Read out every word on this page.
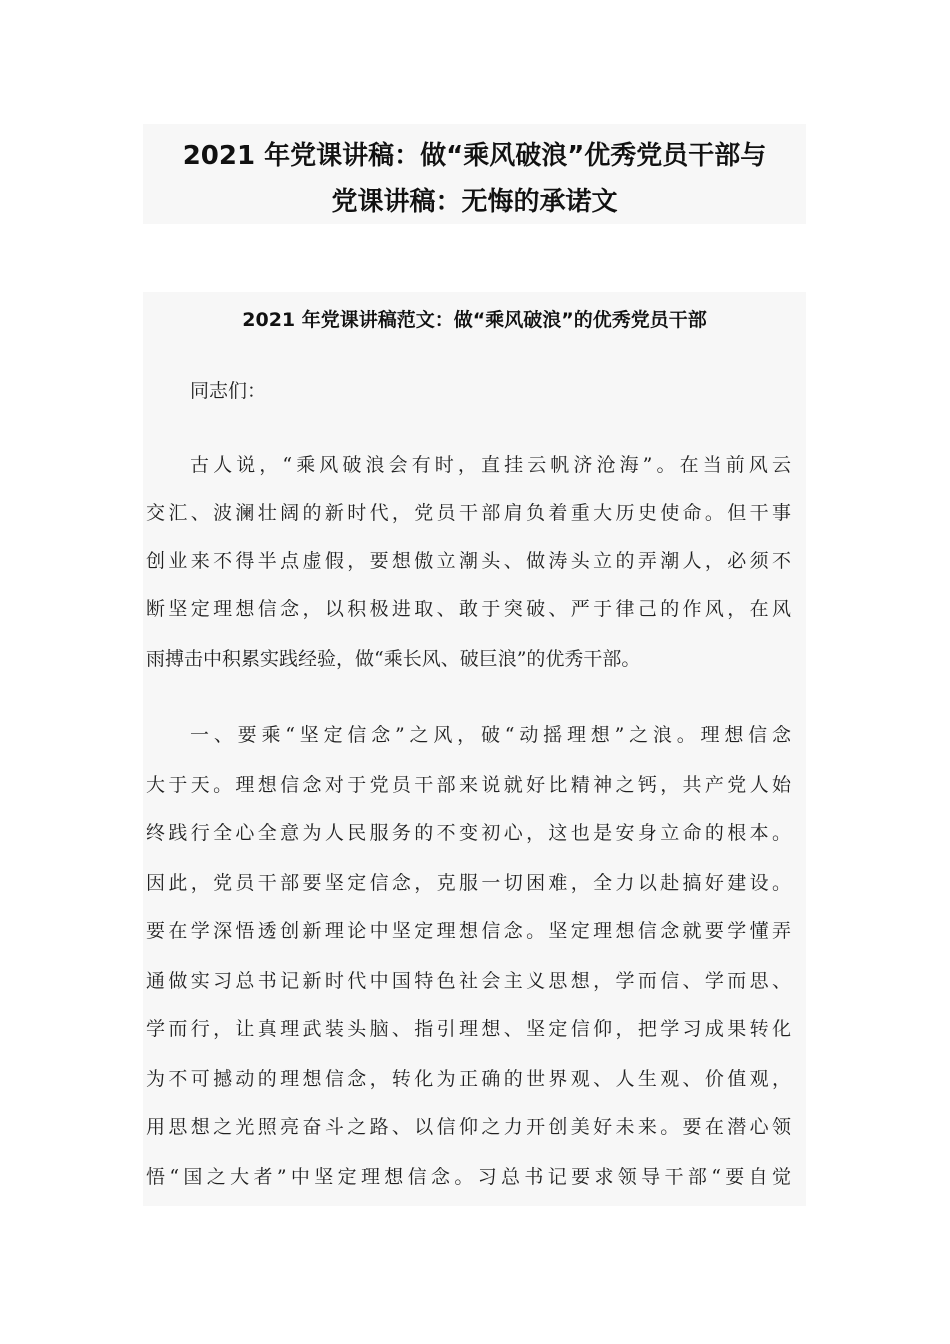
2021 年党课讲稿：做“乘风破浪”优秀党员干部与
党课讲稿：无悔的承诺文
2021 年党课讲稿范文：做“乘风破浪”的优秀党员干部
同志们：
古人说，“乘风破浪会有时，直挂云帆济沧海”。在当前风云
交汇、波澜壮阔的新时代，党员干部肩负着重大历史使命。但干事
创业来不得半点虚假，要想傲立潮头、做涛头立的弄潮人，必须不
断坚定理想信念，以积极进取、敢于突破、严于律己的作风，在风
雨搏击中积累实践经验，做“乘长风、破巨浪”的优秀干部。
一、要乘“坚定信念”之风，破“动摇理想”之浪。理想信念
大于天。理想信念对于党员干部来说就好比精神之钙，共产党人始
终践行全心全意为人民服务的不变初心，这也是安身立命的根本。
因此，党员干部要坚定信念，克服一切困难，全力以赴搞好建设。
要在学深悟透创新理论中坚定理想信念。坚定理想信念就要学懂弄
通做实习总书记新时代中国特色社会主义思想，学而信、学而思、
学而行，让真理武装头脑、指引理想、坚定信仰，把学习成果转化
为不可撼动的理想信念，转化为正确的世界观、人生观、价值观，
用思想之光照亮奋斗之路、以信仰之力开创美好未来。要在潜心领
悟“国之大者”中坚定理想信念。习总书记要求领导干部“要自觉
